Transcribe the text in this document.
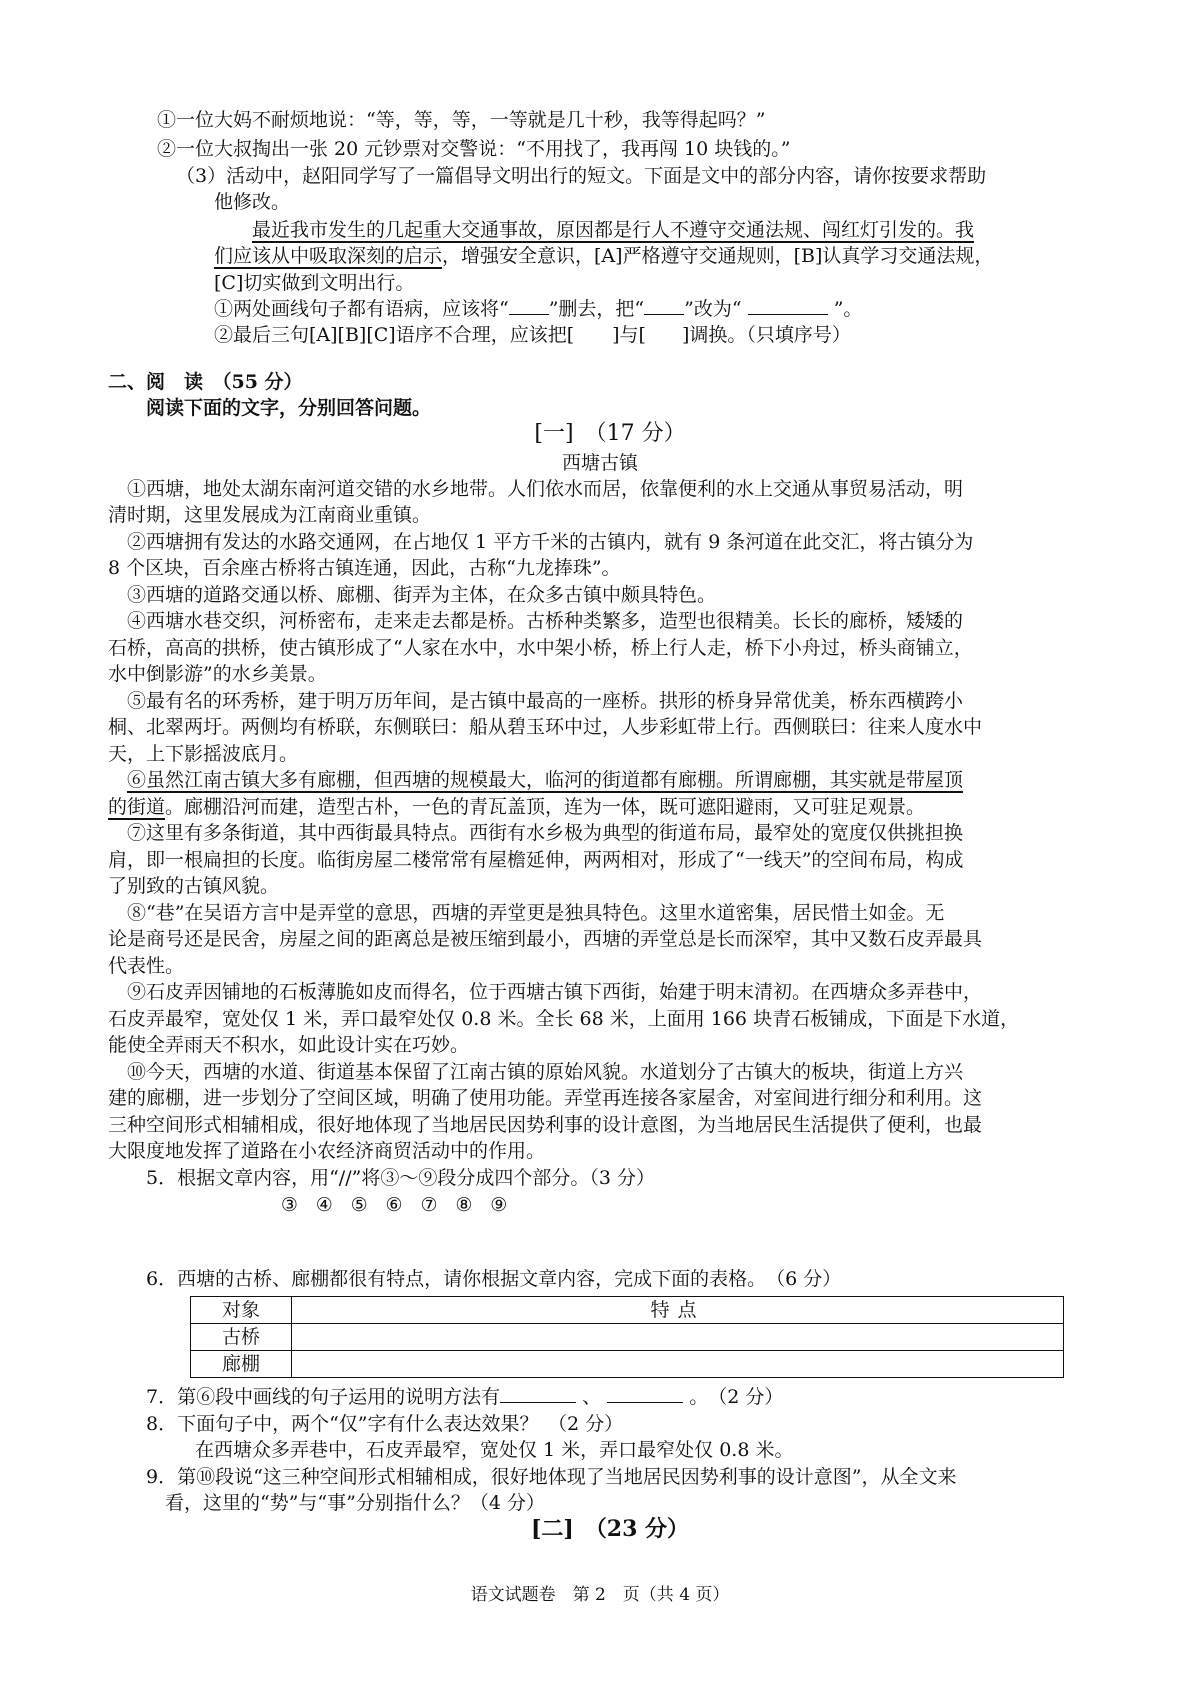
①一位大妈不耐烦地说：“等，等，等，一等就是几十秒，我等得起吗？”
②一位大叔掏出一张 20 元钞票对交警说：“不用找了，我再闯 10 块钱的。”
（3）活动中，赵阳同学写了一篇倡导文明出行的短文。下面是文中的部分内容，请你按要求帮助
他修改。
最近我市发生的几起重大交通事故，原因都是行人不遵守交通法规、闯红灯引发的。我
们应该从中吸取深刻的启示，增强安全意识，[A]严格遵守交通规则，[B]认真学习交通法规，
[C]切实做到文明出行。
①两处画线句子都有语病，应该将“ ”删去，把“ ”改为“	”。
②最后三句[A][B][C]语序不合理，应该把[ ]与[ ]调换。（只填序号）
二、阅　读　（55 分）
阅读下面的文字，分别回答问题。
[一]　（17 分）
西塘古镇
①西塘，地处太湖东南河道交错的水乡地带。人们依水而居，依靠便利的水上交通从事贸易活动，明
清时期，这里发展成为江南商业重镇。
②西塘拥有发达的水路交通网，在占地仅 1 平方千米的古镇内，就有 9 条河道在此交汇，将古镇分为
8 个区块，百余座古桥将古镇连通，因此，古称“九龙捧珠”。
③西塘的道路交通以桥、廊棚、街弄为主体，在众多古镇中颇具特色。
④西塘水巷交织，河桥密布，走来走去都是桥。古桥种类繁多，造型也很精美。长长的廊桥，矮矮的
石桥，高高的拱桥，使古镇形成了“人家在水中，水中架小桥，桥上行人走，桥下小舟过，桥头商铺立，
水中倒影游”的水乡美景。
⑤最有名的环秀桥，建于明万历年间，是古镇中最高的一座桥。拱形的桥身异常优美，桥东西横跨小
桐、北翠两圩。两侧均有桥联，东侧联曰：船从碧玉环中过，人步彩虹带上行。西侧联曰：往来人度水中
天，上下影摇波底月。
⑥虽然江南古镇大多有廊棚，但西塘的规模最大，临河的街道都有廊棚。所谓廊棚，其实就是带屋顶
的街道。廊棚沿河而建，造型古朴，一色的青瓦盖顶，连为一体，既可遮阳避雨，又可驻足观景。
⑦这里有多条街道，其中西街最具特点。西街有水乡极为典型的街道布局，最窄处的宽度仅供挑担换
肩，即一根扁担的长度。临街房屋二楼常常有屋檐延伸，两两相对，形成了“一线天”的空间布局，构成
了别致的古镇风貌。
⑧“巷”在吴语方言中是弄堂的意思，西塘的弄堂更是独具特色。这里水道密集，居民惜土如金。无
论是商号还是民舍，房屋之间的距离总是被压缩到最小，西塘的弄堂总是长而深窄，其中又数石皮弄最具
代表性。
⑨石皮弄因铺地的石板薄脆如皮而得名，位于西塘古镇下西街，始建于明末清初。在西塘众多弄巷中，
石皮弄最窄，宽处仅 1 米，弄口最窄处仅 0.8 米。全长 68 米，上面用 166 块青石板铺成，下面是下水道，
能使全弄雨天不积水，如此设计实在巧妙。
⑩今天，西塘的水道、街道基本保留了江南古镇的原始风貌。水道划分了古镇大的板块，街道上方兴
建的廊棚，进一步划分了空间区域，明确了使用功能。弄堂再连接各家屋舍，对室间进行细分和利用。这
三种空间形式相辅相成，很好地体现了当地居民因势利事的设计意图，为当地居民生活提供了便利，也最
大限度地发挥了道路在小农经济商贸活动中的作用。
5．根据文章内容，用“//”将③～⑨段分成四个部分。（3 分）
③ ④ ⑤ ⑥ ⑦ ⑧ ⑨
6．西塘的古桥、廊棚都很有特点，请你根据文章内容，完成下面的表格。　（6 分）
对象	特点
古桥	
廊棚	
7．第⑥段中画线的句子运用的说明方法有	、	。　（2 分）
8．下面句子中，两个“仅”字有什么表达效果？　（2 分）
在西塘众多弄巷中，石皮弄最窄，宽处仅 1 米，弄口最窄处仅 0.8 米。
9．第⑩段说“这三种空间形式相辅相成，很好地体现了当地居民因势利事的设计意图”，从全文来
看，这里的“势”与“事”分别指什么？（4 分）
[二]　（23 分）
语文试题卷　第 2　页（共 4 页）
